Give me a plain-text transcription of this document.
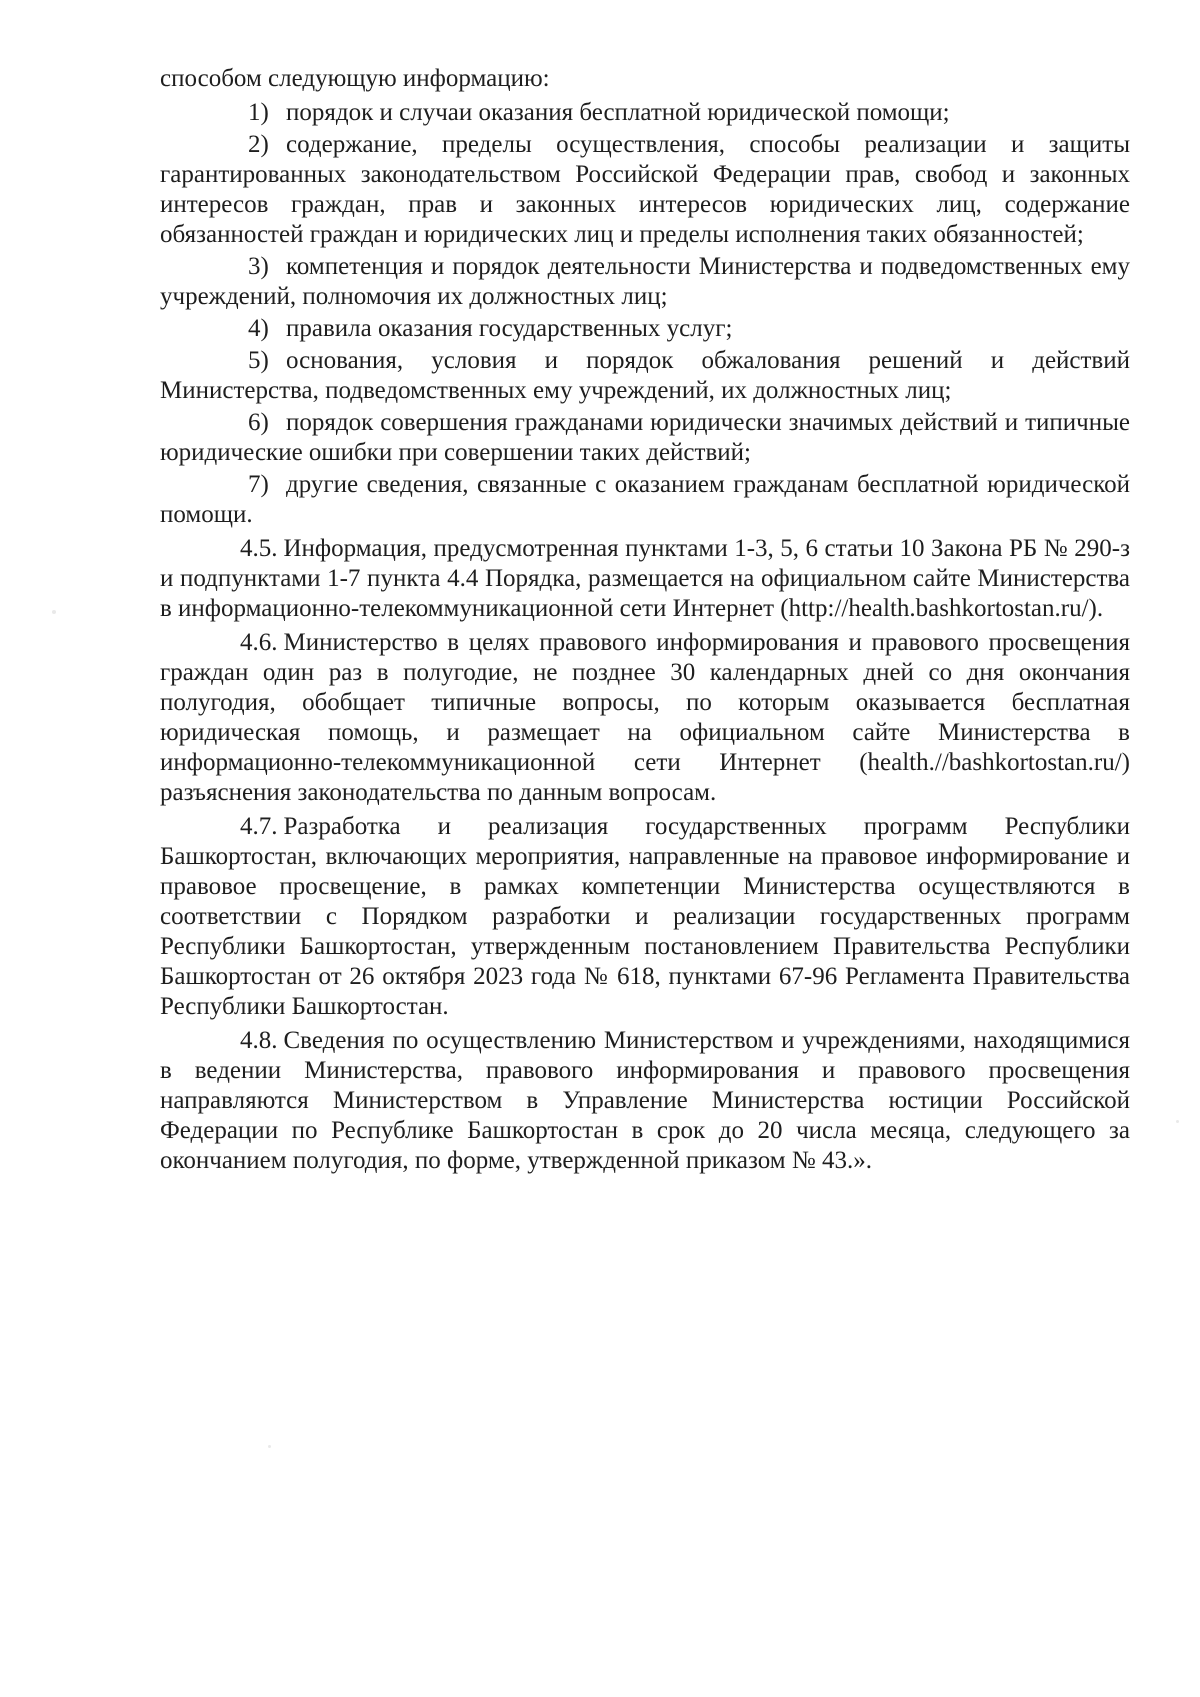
способом следующую информацию:

1) порядок и случаи оказания бесплатной юридической помощи;

2) содержание, пределы осуществления, способы реализации и защиты гарантированных законодательством Российской Федерации прав, свобод и законных интересов граждан, прав и законных интересов юридических лиц, содержание обязанностей граждан и юридических лиц и пределы исполнения таких обязанностей;

3) компетенция и порядок деятельности Министерства и подведомственных ему учреждений, полномочия их должностных лиц;

4) правила оказания государственных услуг;

5) основания, условия и порядок обжалования решений и действий Министерства, подведомственных ему учреждений, их должностных лиц;

6) порядок совершения гражданами юридически значимых действий и типичные юридические ошибки при совершении таких действий;

7) другие сведения, связанные с оказанием гражданам бесплатной юридической помощи.

4.5. Информация, предусмотренная пунктами 1-3, 5, 6 статьи 10 Закона РБ № 290-з и подпунктами 1-7 пункта 4.4 Порядка, размещается на официальном сайте Министерства в информационно-телекоммуникационной сети Интернет (http://health.bashkortostan.ru/).

4.6. Министерство в целях правового информирования и правового просвещения граждан один раз в полугодие, не позднее 30 календарных дней со дня окончания полугодия, обобщает типичные вопросы, по которым оказывается бесплатная юридическая помощь, и размещает на официальном сайте Министерства в информационно-телекоммуникационной сети Интернет (health.//bashkortostan.ru/) разъяснения законодательства по данным вопросам.

4.7. Разработка и реализация государственных программ Республики Башкортостан, включающих мероприятия, направленные на правовое информирование и правовое просвещение, в рамках компетенции Министерства осуществляются в соответствии с Порядком разработки и реализации государственных программ Республики Башкортостан, утвержденным постановлением Правительства Республики Башкортостан от 26 октября 2023 года № 618, пунктами 67-96 Регламента Правительства Республики Башкортостан.

4.8. Сведения по осуществлению Министерством и учреждениями, находящимися в ведении Министерства, правового информирования и правового просвещения направляются Министерством в Управление Министерства юстиции Российской Федерации по Республике Башкортостан в срок до 20 числа месяца, следующего за окончанием полугодия, по форме, утвержденной приказом № 43.».
